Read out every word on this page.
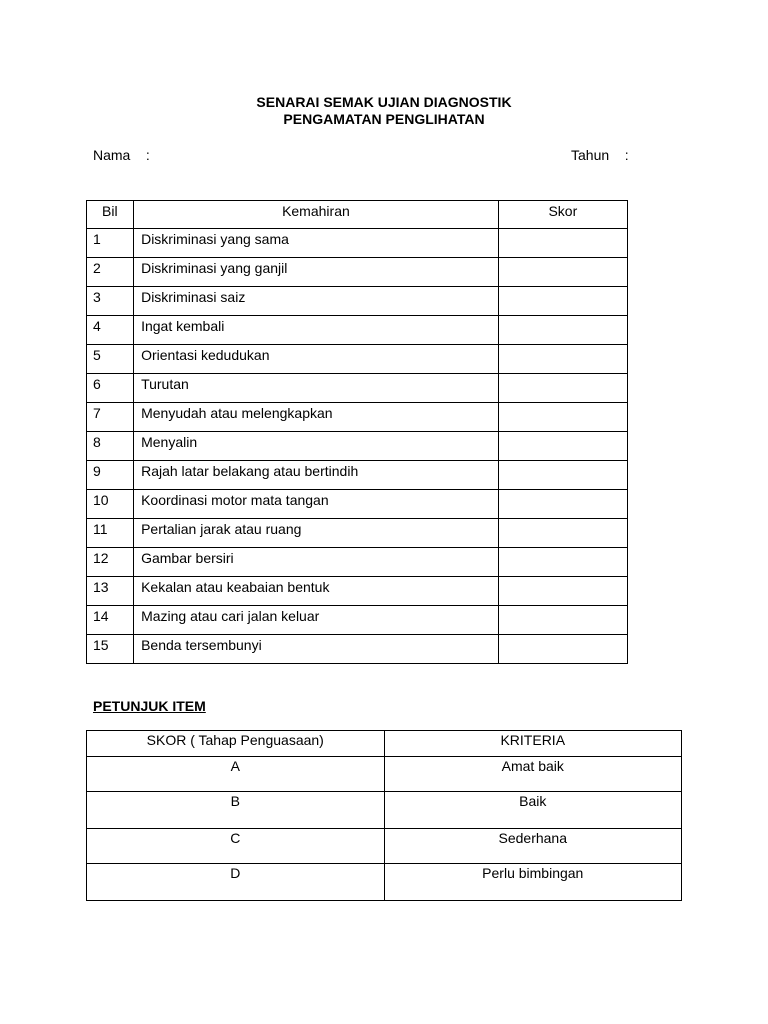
SENARAI SEMAK UJIAN DIAGNOSTIK
PENGAMATAN PENGLIHATAN
Nama    :	Tahun    :
Bil	Kemahiran	Skor
1	Diskriminasi yang sama	
2	Diskriminasi yang ganjil	
3	Diskriminasi saiz	
4	Ingat kembali	
5	Orientasi kedudukan	
6	Turutan	
7	Menyudah atau melengkapkan	
8	Menyalin	
9	Rajah latar belakang atau bertindih	
10	Koordinasi motor mata tangan	
11	Pertalian jarak atau ruang	
12	Gambar bersiri	
13	Kekalan atau keabaian bentuk	
14	Mazing atau cari jalan keluar	
15	Benda tersembunyi	
PETUNJUK ITEM
SKOR ( Tahap Penguasaan)	KRITERIA
A	Amat baik
B	Baik
C	Sederhana
D	Perlu bimbingan
